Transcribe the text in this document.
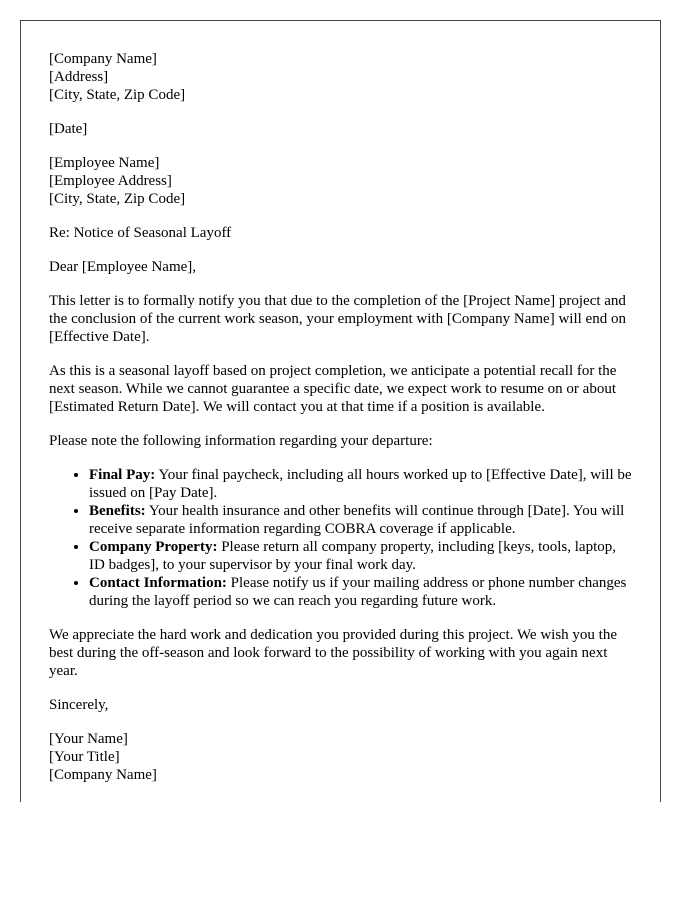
[Company Name]
[Address]
[City, State, Zip Code]

[Date]

[Employee Name]
[Employee Address]
[City, State, Zip Code]

Re: Notice of Seasonal Layoff

Dear [Employee Name],

This letter is to formally notify you that due to the completion of the [Project Name] project and the conclusion of the current work season, your employment with [Company Name] will end on [Effective Date].

As this is a seasonal layoff based on project completion, we anticipate a potential recall for the next season. While we cannot guarantee a specific date, we expect work to resume on or about [Estimated Return Date]. We will contact you at that time if a position is available.

Please note the following information regarding your departure:

• Final Pay: Your final paycheck, including all hours worked up to [Effective Date], will be issued on [Pay Date].
• Benefits: Your health insurance and other benefits will continue through [Date]. You will receive separate information regarding COBRA coverage if applicable.
• Company Property: Please return all company property, including [keys, tools, laptop, ID badges], to your supervisor by your final work day.
• Contact Information: Please notify us if your mailing address or phone number changes during the layoff period so we can reach you regarding future work.

We appreciate the hard work and dedication you provided during this project. We wish you the best during the off-season and look forward to the possibility of working with you again next year.

Sincerely,

[Your Name]
[Your Title]
[Company Name]
